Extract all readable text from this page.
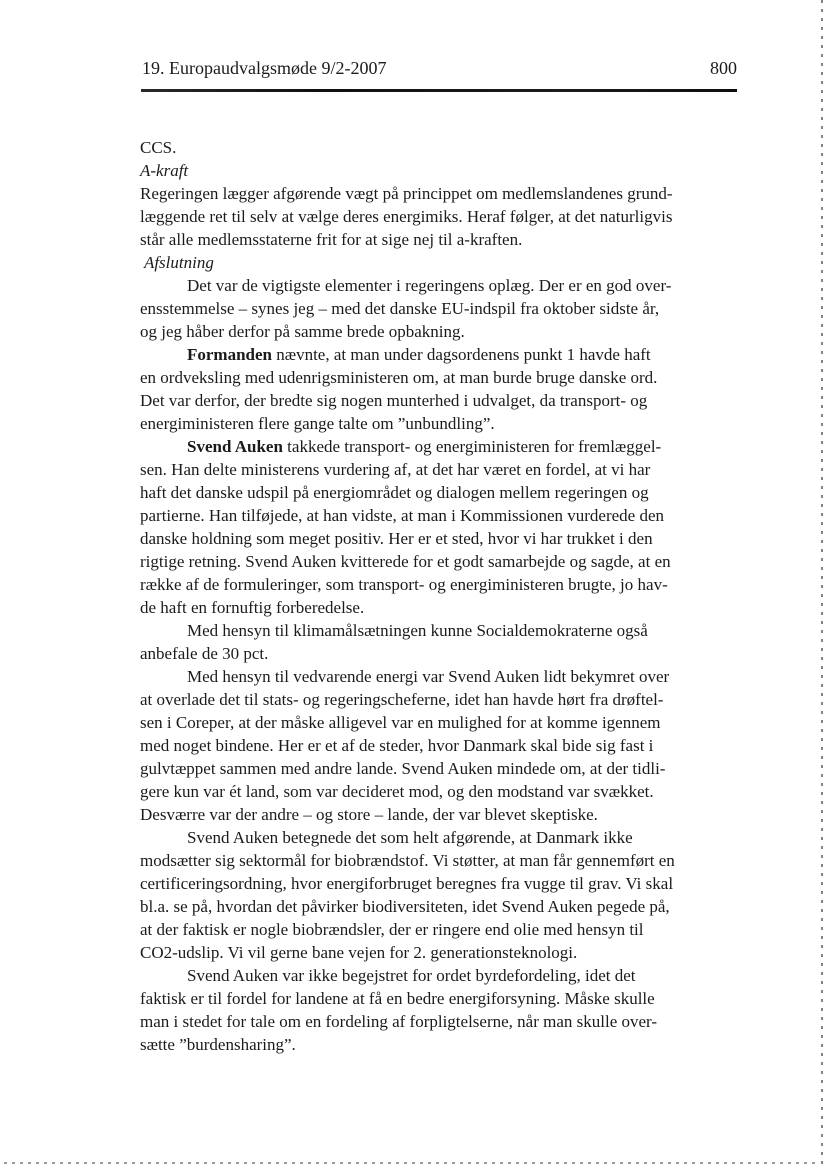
19. Europaudvalgsmøde 9/2-2007	800
CCS.
A-kraft
Regeringen lægger afgørende vægt på princippet om medlemslandenes grund-
læggende ret til selv at vælge deres energimiks. Heraf følger, at det naturligvis
står alle medlemsstaterne frit for at sige nej til a-kraften.
Afslutning
Det var de vigtigste elementer i regeringens oplæg. Der er en god over-
ensstemmelse – synes jeg – med det danske EU-indspil fra oktober sidste år,
og jeg håber derfor på samme brede opbakning.
Formanden nævnte, at man under dagsordenens punkt 1 havde haft
en ordveksling med udenrigsministeren om, at man burde bruge danske ord.
Det var derfor, der bredte sig nogen munterhed i udvalget, da transport- og
energiministeren flere gange talte om ”unbundling”.
Svend Auken takkede transport- og energiministeren for fremlæggel-
sen. Han delte ministerens vurdering af, at det har været en fordel, at vi har
haft det danske udspil på energiområdet og dialogen mellem regeringen og
partierne. Han tilføjede, at han vidste, at man i Kommissionen vurderede den
danske holdning som meget positiv. Her er et sted, hvor vi har trukket i den
rigtige retning. Svend Auken kvitterede for et godt samarbejde og sagde, at en
række af de formuleringer, som transport- og energiministeren brugte, jo hav-
de haft en fornuftig forberedelse.
Med hensyn til klimamålsætningen kunne Socialdemokraterne også
anbefale de 30 pct.
Med hensyn til vedvarende energi var Svend Auken lidt bekymret over
at overlade det til stats- og regeringscheferne, idet han havde hørt fra drøftel-
sen i Coreper, at der måske alligevel var en mulighed for at komme igennem
med noget bindene. Her er et af de steder, hvor Danmark skal bide sig fast i
gulvtæppet sammen med andre lande. Svend Auken mindede om, at der tidli-
gere kun var ét land, som var decideret mod, og den modstand var svækket.
Desværre var der andre – og store – lande, der var blevet skeptiske.
Svend Auken betegnede det som helt afgørende, at Danmark ikke
modsætter sig sektormål for biobrændstof. Vi støtter, at man får gennemført en
certificeringsordning, hvor energiforbruget beregnes fra vugge til grav. Vi skal
bl.a. se på, hvordan det påvirker biodiversiteten, idet Svend Auken pegede på,
at der faktisk er nogle biobrændsler, der er ringere end olie med hensyn til
CO2-udslip. Vi vil gerne bane vejen for 2. generationsteknologi.
Svend Auken var ikke begejstret for ordet byrdefordeling, idet det
faktisk er til fordel for landene at få en bedre energiforsyning. Måske skulle
man i stedet for tale om en fordeling af forpligtelserne, når man skulle over-
sætte ”burdensharing”.
